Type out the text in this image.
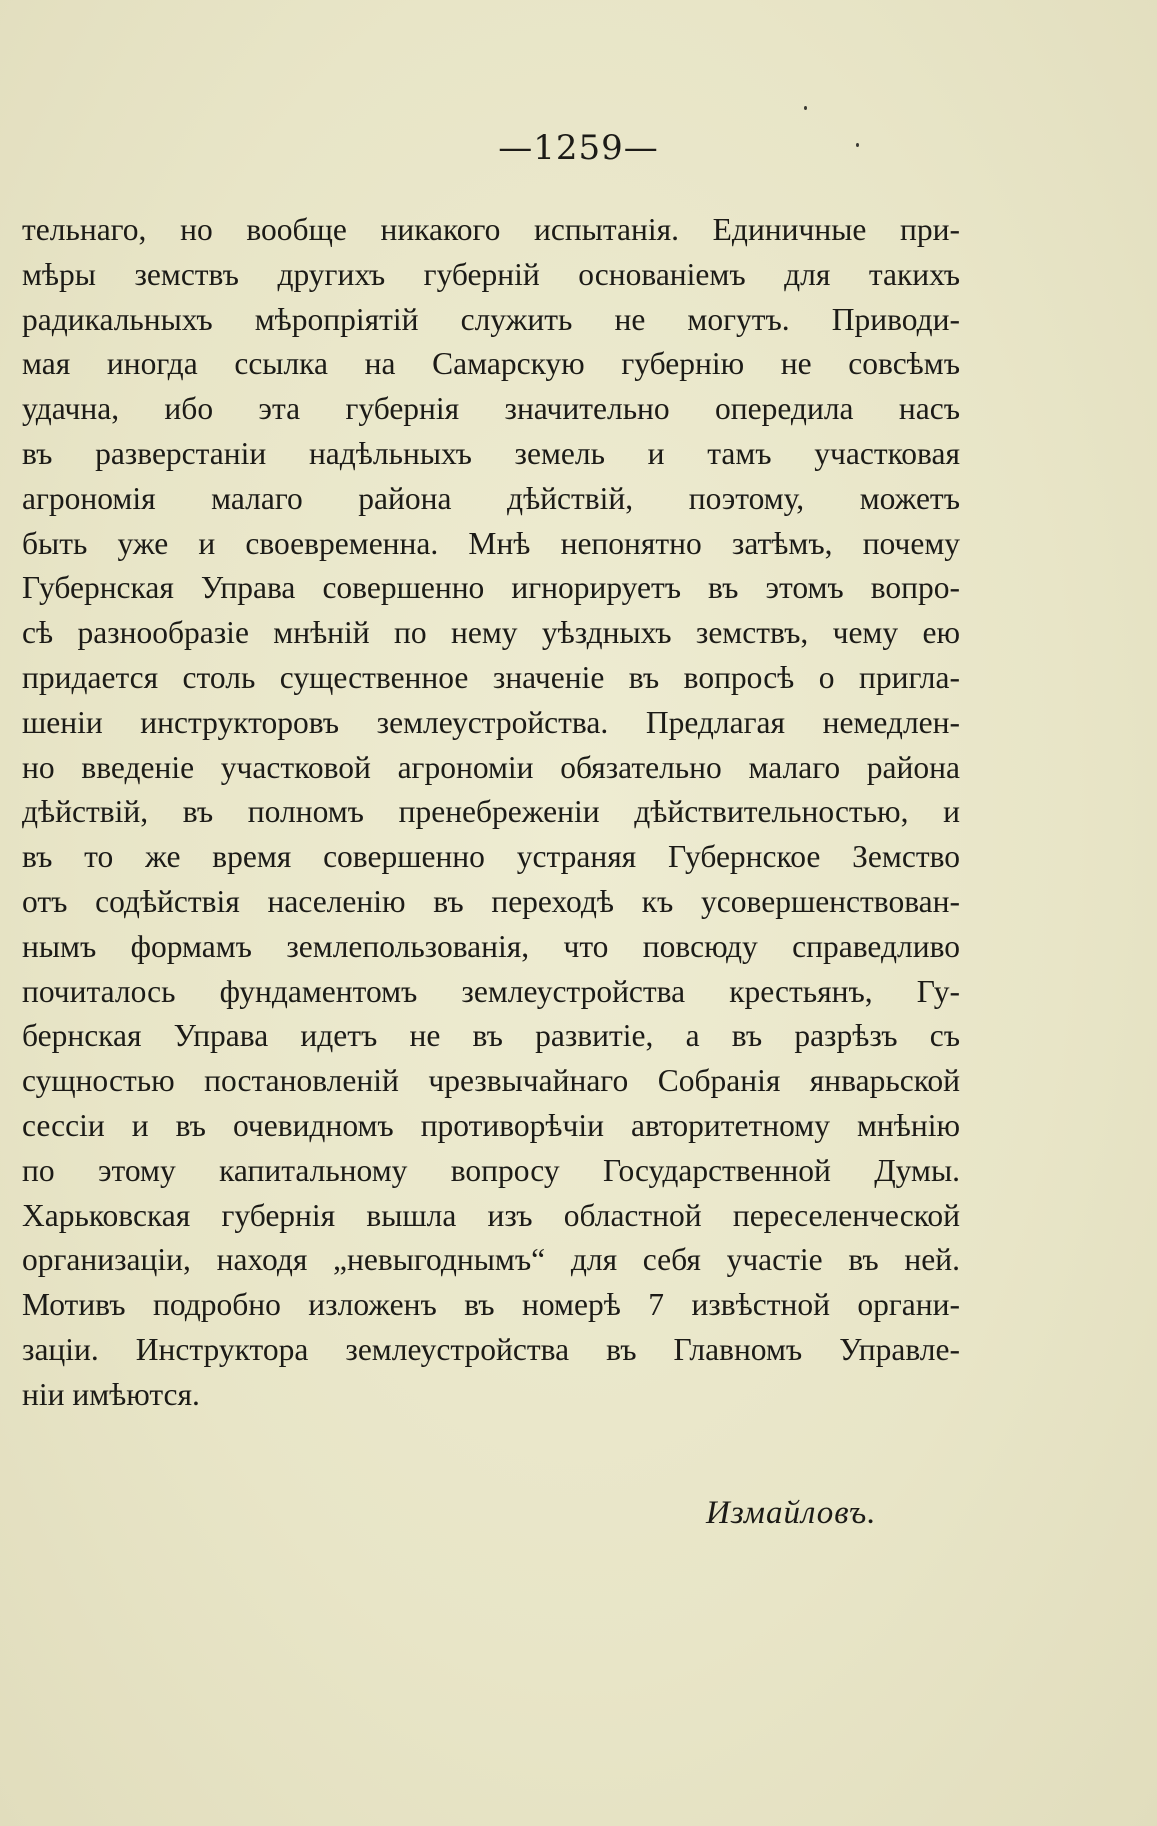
—1259—
тельнаго, но вообще никакого испытанія. Единичные при-
мѣры земствъ другихъ губерній основаніемъ для такихъ
радикальныхъ мѣропріятій служить не могутъ. Приводи-
мая иногда ссылка на Самарскую губернію не совсѣмъ
удачна, ибо эта губернія значительно опередила насъ
въ разверстаніи надѣльныхъ земель и тамъ участковая
агрономія малаго района дѣйствій, поэтому, можетъ
быть уже и своевременна. Мнѣ непонятно затѣмъ, почему
Губернская Управа совершенно игнорируетъ въ этомъ вопро-
сѣ разнообразіе мнѣній по нему уѣздныхъ земствъ, чему ею
придается столь существенное значеніе въ вопросѣ о пригла-
шеніи инструкторовъ землеустройства. Предлагая немедлен-
но введеніе участковой агрономіи обязательно малаго района
дѣйствій, въ полномъ пренебреженіи дѣйствительностью, и
въ то же время совершенно устраняя Губернское Земство
отъ содѣйствія населенію въ переходѣ къ усовершенствован-
нымъ формамъ землепользованія, что повсюду справедливо
почиталось фундаментомъ землеустройства крестьянъ, Гу-
бернская Управа идетъ не въ развитіе, а въ разрѣзъ съ
сущностью постановленій чрезвычайнаго Собранія январьской
сессіи и въ очевидномъ противорѣчіи авторитетному мнѣнію
по этому капитальному вопросу Государственной Думы.
Харьковская губернія вышла изъ областной переселенческой
организаціи, находя „невыгоднымъ“ для себя участіе въ ней.
Мотивъ подробно изложенъ въ номерѣ 7 извѣстной органи-
заціи. Инструктора землеустройства въ Главномъ Управле-
ніи имѣются.
Измайловъ.
